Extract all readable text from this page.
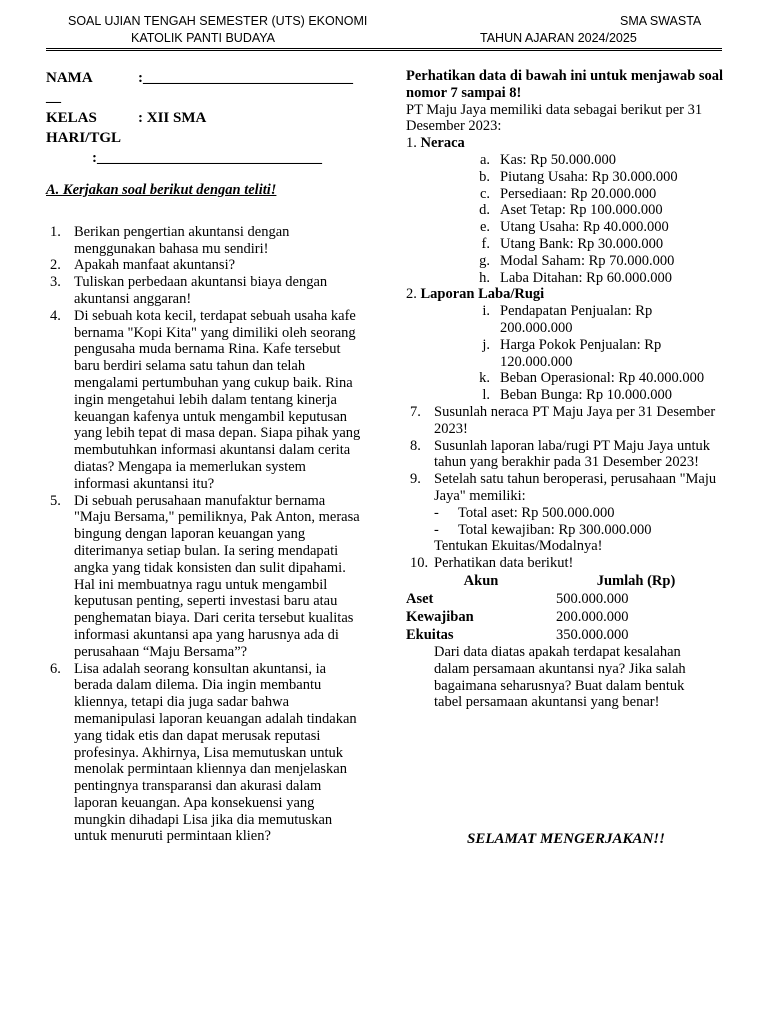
SOAL UJIAN TENGAH SEMESTER (UTS) EKONOMI
KATOLIK PANTI BUDAYA
SMA SWASTA
TAHUN AJARAN 2024/2025
NAMA	:____________________________
__
KELAS	: XII SMA
HARI/TGL
:______________________________
A. Kerjakan soal berikut dengan teliti!
1. Berikan pengertian akuntansi dengan menggunakan bahasa mu sendiri!
2. Apakah manfaat akuntansi?
3. Tuliskan perbedaan akuntansi biaya dengan akuntansi anggaran!
4. Di sebuah kota kecil, terdapat sebuah usaha kafe bernama "Kopi Kita" yang dimiliki oleh seorang pengusaha muda bernama Rina. Kafe tersebut baru berdiri selama satu tahun dan telah mengalami pertumbuhan yang cukup baik. Rina ingin mengetahui lebih dalam tentang kinerja keuangan kafenya untuk mengambil keputusan yang lebih tepat di masa depan. Siapa pihak yang membutuhkan informasi akuntansi dalam cerita diatas? Mengapa ia memerlukan system informasi akuntansi itu?
5. Di sebuah perusahaan manufaktur bernama "Maju Bersama," pemiliknya, Pak Anton, merasa bingung dengan laporan keuangan yang diterimanya setiap bulan. Ia sering mendapati angka yang tidak konsisten dan sulit dipahami. Hal ini membuatnya ragu untuk mengambil keputusan penting, seperti investasi baru atau penghematan biaya. Dari cerita tersebut kualitas informasi akuntansi apa yang harusnya ada di perusahaan “Maju Bersama”?
6. Lisa adalah seorang konsultan akuntansi, ia berada dalam dilema. Dia ingin membantu kliennya, tetapi dia juga sadar bahwa memanipulasi laporan keuangan adalah tindakan yang tidak etis dan dapat merusak reputasi profesinya. Akhirnya, Lisa memutuskan untuk menolak permintaan kliennya dan menjelaskan pentingnya transparansi dan akurasi dalam laporan keuangan. Apa konsekuensi yang mungkin dihadapi Lisa jika dia memutuskan untuk menuruti permintaan klien?
Perhatikan data di bawah ini untuk menjawab soal nomor 7 sampai 8!
PT Maju Jaya memiliki data sebagai berikut per 31 Desember 2023:
1. Neraca
a. Kas: Rp 50.000.000
b. Piutang Usaha: Rp 30.000.000
c. Persediaan: Rp 20.000.000
d. Aset Tetap: Rp 100.000.000
e. Utang Usaha: Rp 40.000.000
f. Utang Bank: Rp 30.000.000
g. Modal Saham: Rp 70.000.000
h. Laba Ditahan: Rp 60.000.000
2. Laporan Laba/Rugi
i. Pendapatan Penjualan: Rp 200.000.000
j. Harga Pokok Penjualan: Rp 120.000.000
k. Beban Operasional: Rp 40.000.000
l. Beban Bunga: Rp 10.000.000
7. Susunlah neraca PT Maju Jaya per 31 Desember 2023!
8. Susunlah laporan laba/rugi PT Maju Jaya untuk tahun yang berakhir pada 31 Desember 2023!
9. Setelah satu tahun beroperasi, perusahaan "Maju Jaya" memiliki:
-	Total aset: Rp 500.000.000
-	Total kewajiban: Rp 300.000.000
Tentukan Ekuitas/Modalnya!
10. Perhatikan data berikut!
Akun	Jumlah (Rp)
Aset	500.000.000
Kewajiban	200.000.000
Ekuitas	350.000.000
Dari data diatas apakah terdapat kesalahan dalam persamaan akuntansi nya? Jika salah bagaimana seharusnya? Buat dalam bentuk tabel persamaan akuntansi yang benar!
SELAMAT MENGERJAKAN!!
